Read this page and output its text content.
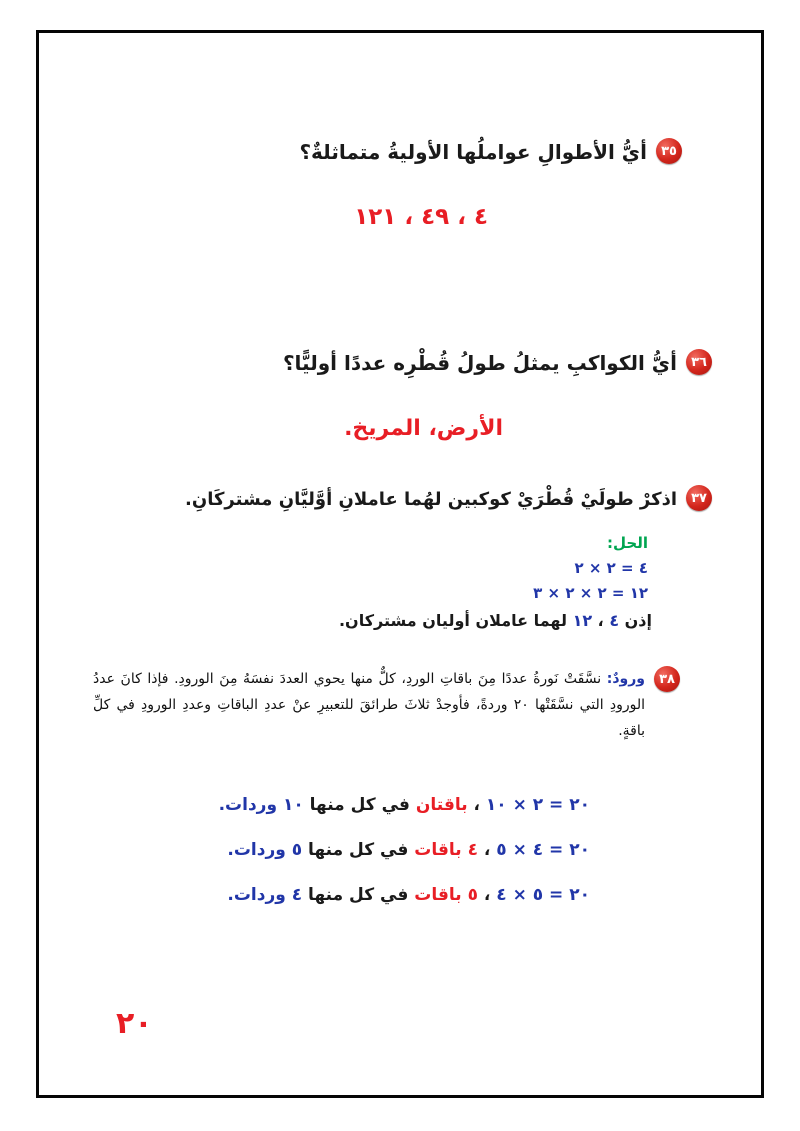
٣٥
أيُّ الأطوالِ عواملُها الأوليةُ متماثلةٌ؟
٤ ، ٤٩ ، ١٢١
٣٦
أيُّ الكواكبِ يمثلُ طولُ قُطْرِه عددًا أوليًّا؟
الأرض، المريخ.
٣٧
اذكرْ طولَيْ قُطْرَيْ كوكبين لهُما عاملانِ أوَّليَّانِ مشتركَانِ.
الحل:
٤ = ٢ × ٢
١٢ = ٢ × ٢ × ٣
إذن ٤ ، ١٢ لهما عاملان أوليان مشتركان.
٣٨

ورودٌ: نسَّقَتْ نَورةُ عددًا مِنَ باقاتِ الوردِ، كلٌّ منها يحوي العددَ نفسَهُ مِنَ الورودِ. فإذا كانَ عددُ الورودِ التي نسَّقَتْها ٢٠ وردةً، فأوجدْ ثلاثَ طرائقَ للتعبيرِ عنْ عددِ الباقاتِ وعددِ الورودِ في كلِّ باقةٍ.

٢٠ = ٢ × ١٠ ، باقتان في كل منها ١٠ وردات.
٢٠ = ٤ × ٥ ، ٤ باقات في كل منها ٥ وردات.
٢٠ = ٥ × ٤ ، ٥ باقات في كل منها ٤ وردات.
٢٠
